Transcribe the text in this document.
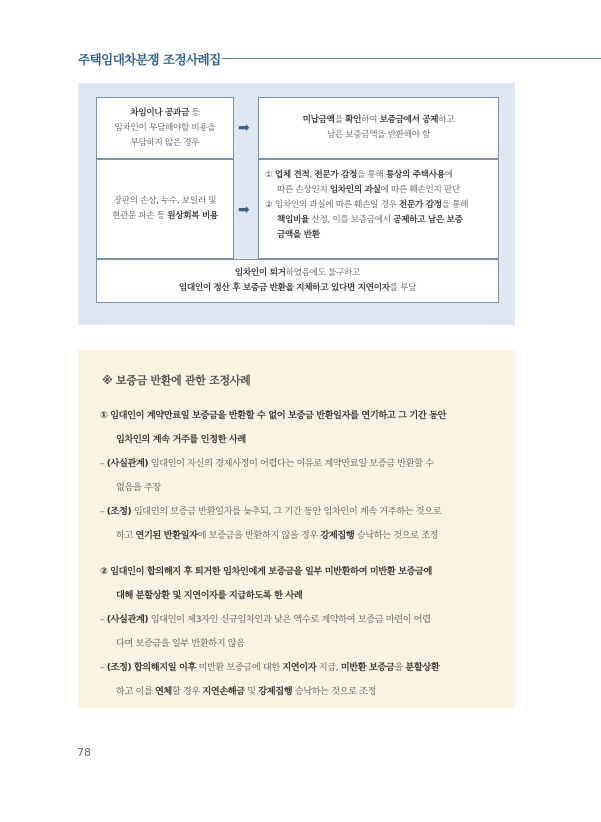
주택임대차분쟁 조정사례집
차임이나 공과금 등
임차인이 부담해야할 비용을
부담하지 않은 경우
장판의 손상, 누수, 보일러 및
현관문 파손 등 원상회복 비용
➡
➡
미납금액을 확인하여 보증금에서 공제하고
남은 보증금액을 반환해야 함
① 업체 견적, 전문가 감정을 통해 통상의 주택사용에
따른 손상인지 임차인의 과실에 따른 훼손인지 판단
② 임차인의 과실에 따른 훼손일 경우 전문가 감정을 통해
책임비율 산정, 이를 보증금에서 공제하고 남은 보증
금액을 반환
임차인이 퇴거하였음에도 불구하고
임대인이 정산 후 보증금 반환을 지체하고 있다면 지연이자를 부담
※ 보증금 반환에 관한 조정사례
① 임대인이 계약만료일 보증금을 반환할 수 없어 보증금 반환일자를 연기하고 그 기간 동안
임차인의 계속 거주를 인정한 사례
– (사실관계) 임대인이 자신의 경제사정이 어렵다는 이유로 계약만료일 보증금 반환할 수
없음을 주장
– (조정) 임대인의 보증금 반환일자를 늦추되, 그 기간 동안 임차인이 계속 거주하는 것으로
하고 연기된 반환일자에 보증금을 반환하지 않을 경우 강제집행 승낙하는 것으로 조정
② 임대인이 합의해지 후 퇴거한 임차인에게 보증금을 일부 미반환하여 미반환 보증금에
대해 분할상환 및 지연이자를 지급하도록 한 사례
– (사실관계) 임대인이 제3자인 신규임차인과 낮은 액수로 계약하여 보증금 마련이 어렵
다며 보증금을 일부 반환하지 않음
– (조정) 합의해지일 이후 미반환 보증금에 대한 지연이자 지급, 미반환 보증금을 분할상환
하고 이를 연체할 경우 지연손해금 및 강제집행 승낙하는 것으로 조정
78
